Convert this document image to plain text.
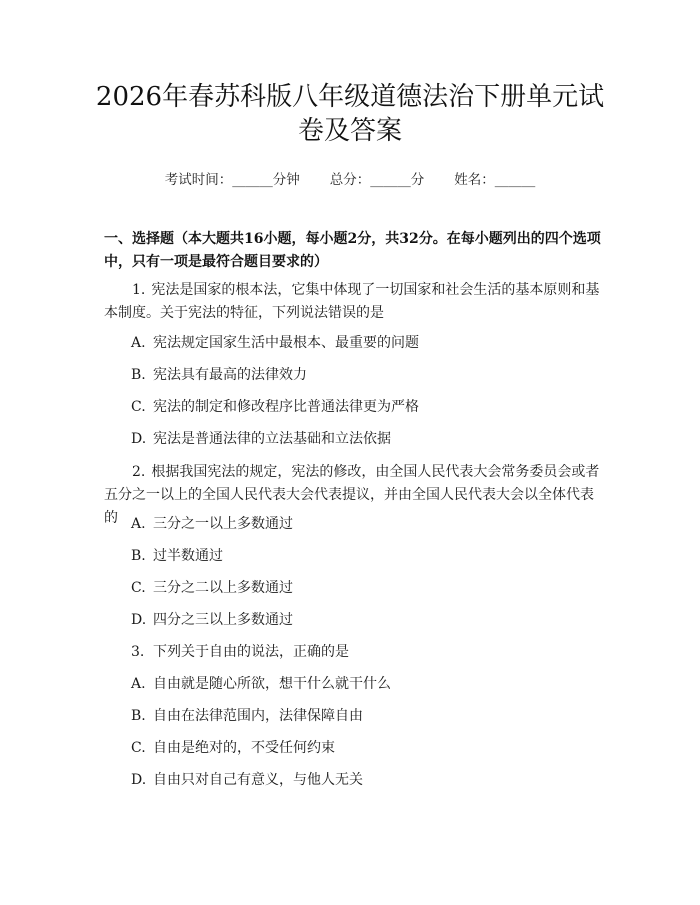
2026年春苏科版八年级道德法治下册单元试卷及答案
考试时间：______分钟 总分：______分 姓名：______
一、选择题（本大题共16小题，每小题2分，共32分。在每小题列出的四个选项中，只有一项是最符合题目要求的）
1. 宪法是国家的根本法，它集中体现了一切国家和社会生活的基本原则和基本制度。关于宪法的特征，下列说法错误的是
A. 宪法规定国家生活中最根本、最重要的问题
B. 宪法具有最高的法律效力
C. 宪法的制定和修改程序比普通法律更为严格
D. 宪法是普通法律的立法基础和立法依据
2. 根据我国宪法的规定，宪法的修改，由全国人民代表大会常务委员会或者五分之一以上的全国人民代表大会代表提议，并由全国人民代表大会以全体代表的 A. 三分之一以上多数通过
B. 过半数通过
C. 三分之二以上多数通过
D. 四分之三以上多数通过
3. 下列关于自由的说法，正确的是
A. 自由就是随心所欲，想干什么就干什么
B. 自由在法律范围内，法律保障自由
C. 自由是绝对的，不受任何约束
D. 自由只对自己有意义，与他人无关
